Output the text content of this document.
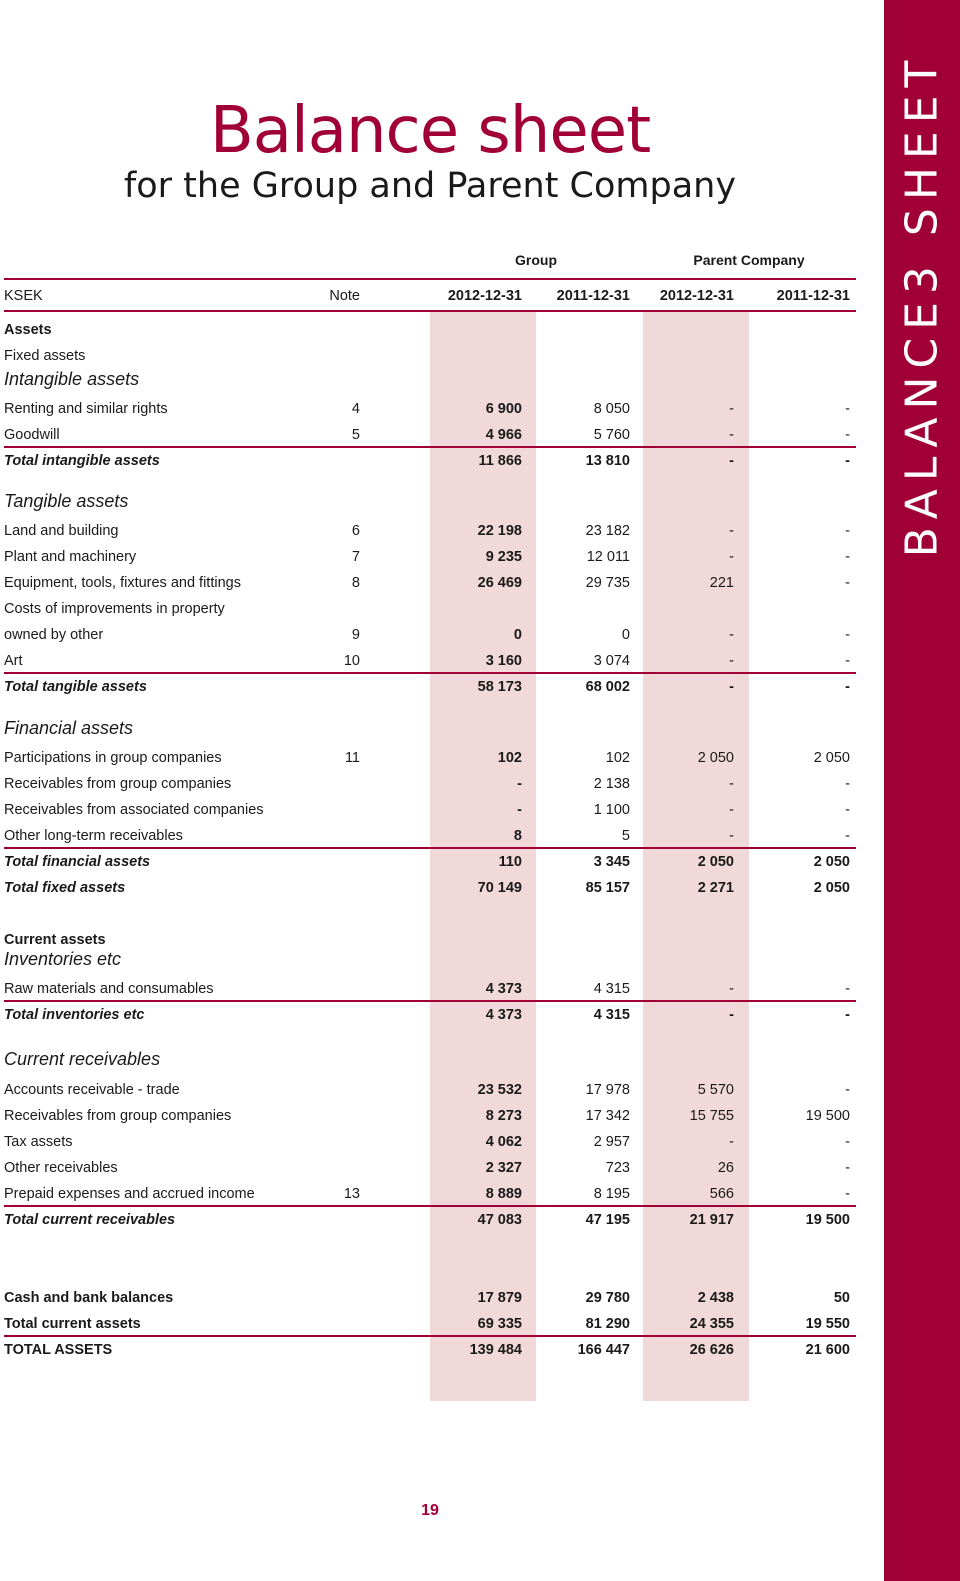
BALANCE3 SHEET
Balance sheet
for the Group and Parent Company
Group	Parent Company
KSEK	Note	2012-12-31	2011-12-31	2012-12-31	2011-12-31
Assets
Fixed assets
Intangible assets
Renting and similar rights	4	6 900	8 050	-	-
Goodwill	5	4 966	5 760	-	-
Total intangible assets	11 866	13 810	-	-
Tangible assets
Land and building	6	22 198	23 182	-	-
Plant and machinery	7	9 235	12 011	-	-
Equipment, tools, fixtures and fittings	8	26 469	29 735	221	-
Costs of improvements in property
owned by other	9	0	0	-	-
Art	10	3 160	3 074	-	-
Total tangible assets	58 173	68 002	-	-
Financial assets
Participations in group companies	11	102	102	2 050	2 050
Receivables from group companies	-	2 138	-	-
Receivables from associated companies	-	1 100	-	-
Other long-term receivables	8	5	-	-
Total financial assets	110	3 345	2 050	2 050
Total fixed assets	70 149	85 157	2 271	2 050
Current assets
Inventories etc
Raw materials and consumables	4 373	4 315	-	-
Total inventories etc	4 373	4 315	-	-
Current receivables
Accounts receivable - trade	23 532	17 978	5 570	-
Receivables from group companies	8 273	17 342	15 755	19 500
Tax assets	4 062	2 957	-	-
Other receivables	2 327	723	26	-
Prepaid expenses and accrued income	13	8 889	8 195	566	-
Total current receivables	47 083	47 195	21 917	19 500
Cash and bank balances	17 879	29 780	2 438	50
Total current assets	69 335	81 290	24 355	19 550
TOTAL ASSETS	139 484	166 447	26 626	21 600
19
